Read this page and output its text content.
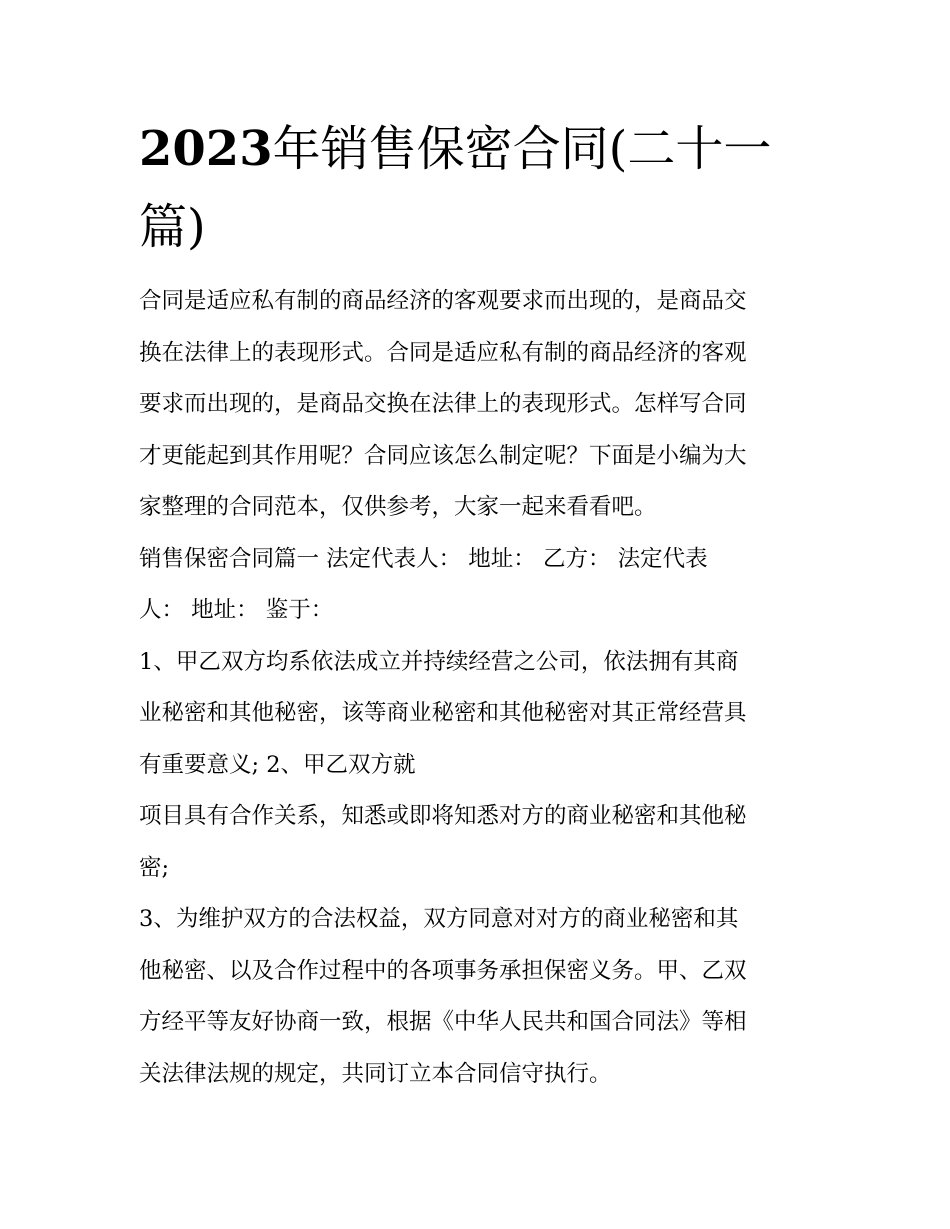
2023年销售保密合同(二十一篇)
合同是适应私有制的商品经济的客观要求而出现的，是商品交
换在法律上的表现形式。合同是适应私有制的商品经济的客观
要求而出现的，是商品交换在法律上的表现形式。怎样写合同
才更能起到其作用呢？合同应该怎么制定呢？下面是小编为大
家整理的合同范本，仅供参考，大家一起来看看吧。
销售保密合同篇一 法定代表人： 地址： 乙方： 法定代表
人： 地址： 鉴于：
1、甲乙双方均系依法成立并持续经营之公司，依法拥有其商
业秘密和其他秘密，该等商业秘密和其他秘密对其正常经营具
有重要意义; 2、甲乙双方就
项目具有合作关系，知悉或即将知悉对方的商业秘密和其他秘
密;
3、为维护双方的合法权益，双方同意对对方的商业秘密和其
他秘密、以及合作过程中的各项事务承担保密义务。甲、乙双
方经平等友好协商一致，根据《中华人民共和国合同法》等相
关法律法规的规定，共同订立本合同信守执行。
